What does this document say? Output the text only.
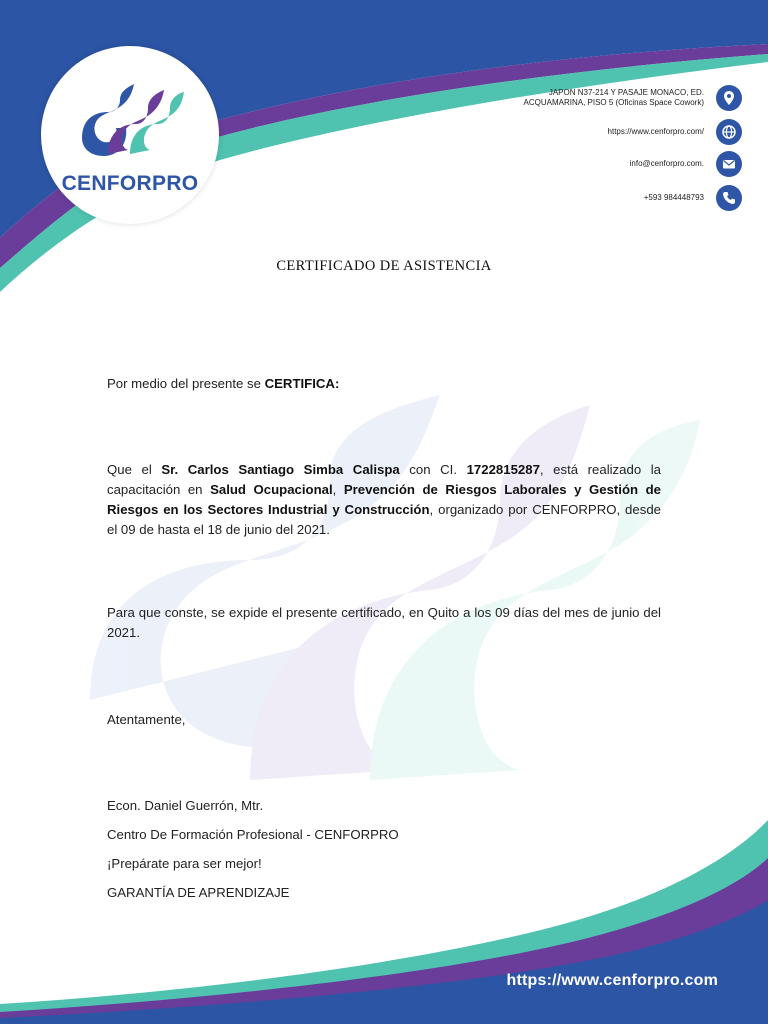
CENFORPRO
JAPON N37-214 Y PASAJE MONACO, ED.
ACQUAMARINA, PISO 5 (Oficinas Space Cowork)
https://www.cenforpro.com/
info@cenforpro.com.
+593 984448793
CERTIFICADO DE ASISTENCIA
Por medio del presente se CERTIFICA:
Que el Sr. Carlos Santiago Simba Calispa con CI. 1722815287, está realizado la capacitación en Salud Ocupacional, Prevención de Riesgos Laborales y Gestión de Riesgos en los Sectores Industrial y Construcción, organizado por CENFORPRO, desde el 09 de hasta el 18 de junio del 2021.
Para que conste, se expide el presente certificado, en Quito a los 09 días del mes de junio del 2021.
Atentamente,
Econ. Daniel Guerrón, Mtr.
Centro De Formación Profesional - CENFORPRO
¡Prepárate para ser mejor!
GARANTÍA DE APRENDIZAJE
https://www.cenforpro.com
